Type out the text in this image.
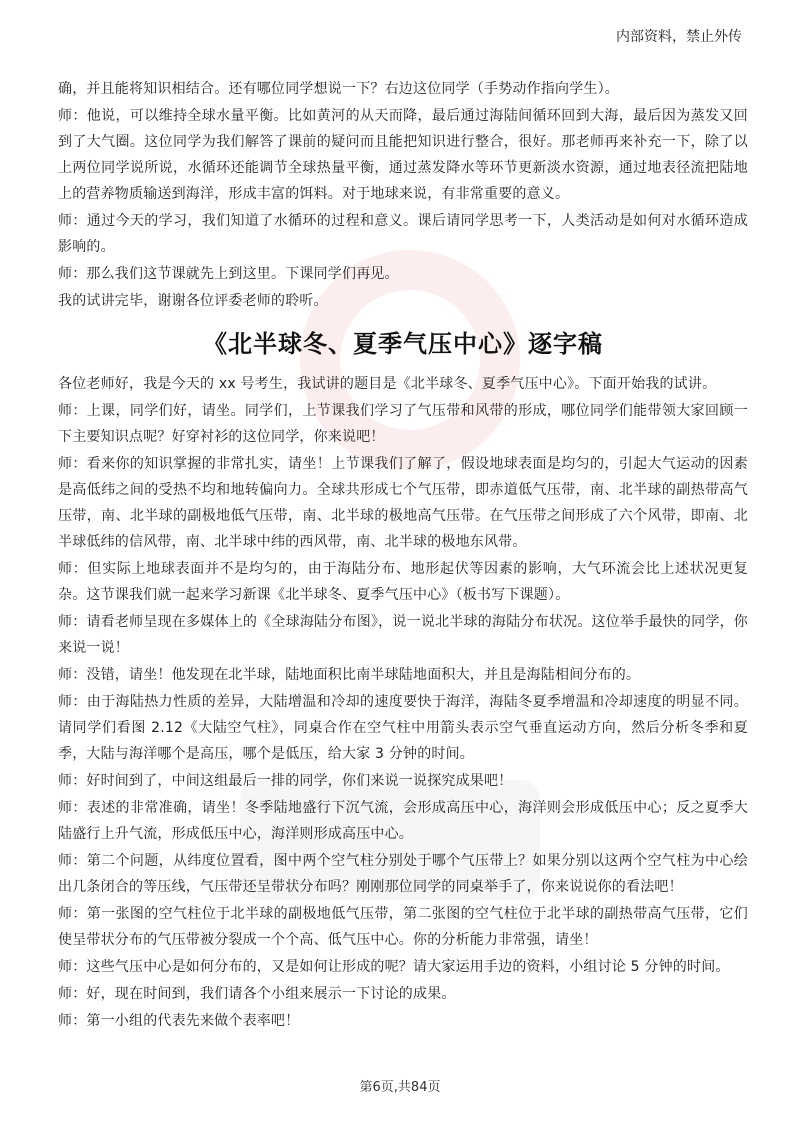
内部资料，禁止外传

确，并且能将知识相结合。还有哪位同学想说一下？右边这位同学（手势动作指向学生）。

师：他说，可以维持全球水量平衡。比如黄河的从天而降，最后通过海陆间循环回到大海，最后因为蒸发又回到了大气圈。这位同学为我们解答了课前的疑问而且能把知识进行整合，很好。那老师再来补充一下，除了以上两位同学说所说，水循环还能调节全球热量平衡，通过蒸发降水等环节更新淡水资源，通过地表径流把陆地上的营养物质输送到海洋，形成丰富的饵料。对于地球来说，有非常重要的意义。

师：通过今天的学习，我们知道了水循环的过程和意义。课后请同学思考一下，人类活动是如何对水循环造成影响的。

师：那么我们这节课就先上到这里。下课同学们再见。

我的试讲完毕，谢谢各位评委老师的聆听。

《北半球冬、夏季气压中心》逐字稿

各位老师好，我是今天的 xx 号考生，我试讲的题目是《北半球冬、夏季气压中心》。下面开始我的试讲。

师：上课，同学们好，请坐。同学们，上节课我们学习了气压带和风带的形成，哪位同学们能带领大家回顾一下主要知识点呢？好穿衬衫的这位同学，你来说吧！

师：看来你的知识掌握的非常扎实，请坐！上节课我们了解了，假设地球表面是均匀的，引起大气运动的因素是高低纬之间的受热不均和地转偏向力。全球共形成七个气压带，即赤道低气压带，南、北半球的副热带高气压带，南、北半球的副极地低气压带，南、北半球的极地高气压带。在气压带之间形成了六个风带，即南、北半球低纬的信风带，南、北半球中纬的西风带，南、北半球的极地东风带。

师：但实际上地球表面并不是均匀的，由于海陆分布、地形起伏等因素的影响，大气环流会比上述状况更复杂。这节课我们就一起来学习新课《北半球冬、夏季气压中心》（板书写下课题）。

师：请看老师呈现在多媒体上的《全球海陆分布图》，说一说北半球的海陆分布状况。这位举手最快的同学，你来说一说！

师：没错，请坐！他发现在北半球，陆地面积比南半球陆地面积大，并且是海陆相间分布的。

师：由于海陆热力性质的差异，大陆增温和冷却的速度要快于海洋，海陆冬夏季增温和冷却速度的明显不同。请同学们看图 2.12《大陆空气柱》，同桌合作在空气柱中用箭头表示空气垂直运动方向，然后分析冬季和夏季，大陆与海洋哪个是高压，哪个是低压，给大家 3 分钟的时间。

师：好时间到了，中间这组最后一排的同学，你们来说一说探究成果吧！

师：表述的非常准确，请坐！冬季陆地盛行下沉气流，会形成高压中心，海洋则会形成低压中心；反之夏季大陆盛行上升气流，形成低压中心，海洋则形成高压中心。

师：第二个问题，从纬度位置看，图中两个空气柱分别处于哪个气压带上？如果分别以这两个空气柱为中心绘出几条闭合的等压线，气压带还呈带状分布吗？刚刚那位同学的同桌举手了，你来说说你的看法吧！

师：第一张图的空气柱位于北半球的副极地低气压带，第二张图的空气柱位于北半球的副热带高气压带，它们使呈带状分布的气压带被分裂成一个个高、低气压中心。你的分析能力非常强，请坐！

师：这些气压中心是如何分布的，又是如何让形成的呢？请大家运用手边的资料，小组讨论 5 分钟的时间。

师：好，现在时间到，我们请各个小组来展示一下讨论的成果。

师：第一小组的代表先来做个表率吧！

第6页,共84页
